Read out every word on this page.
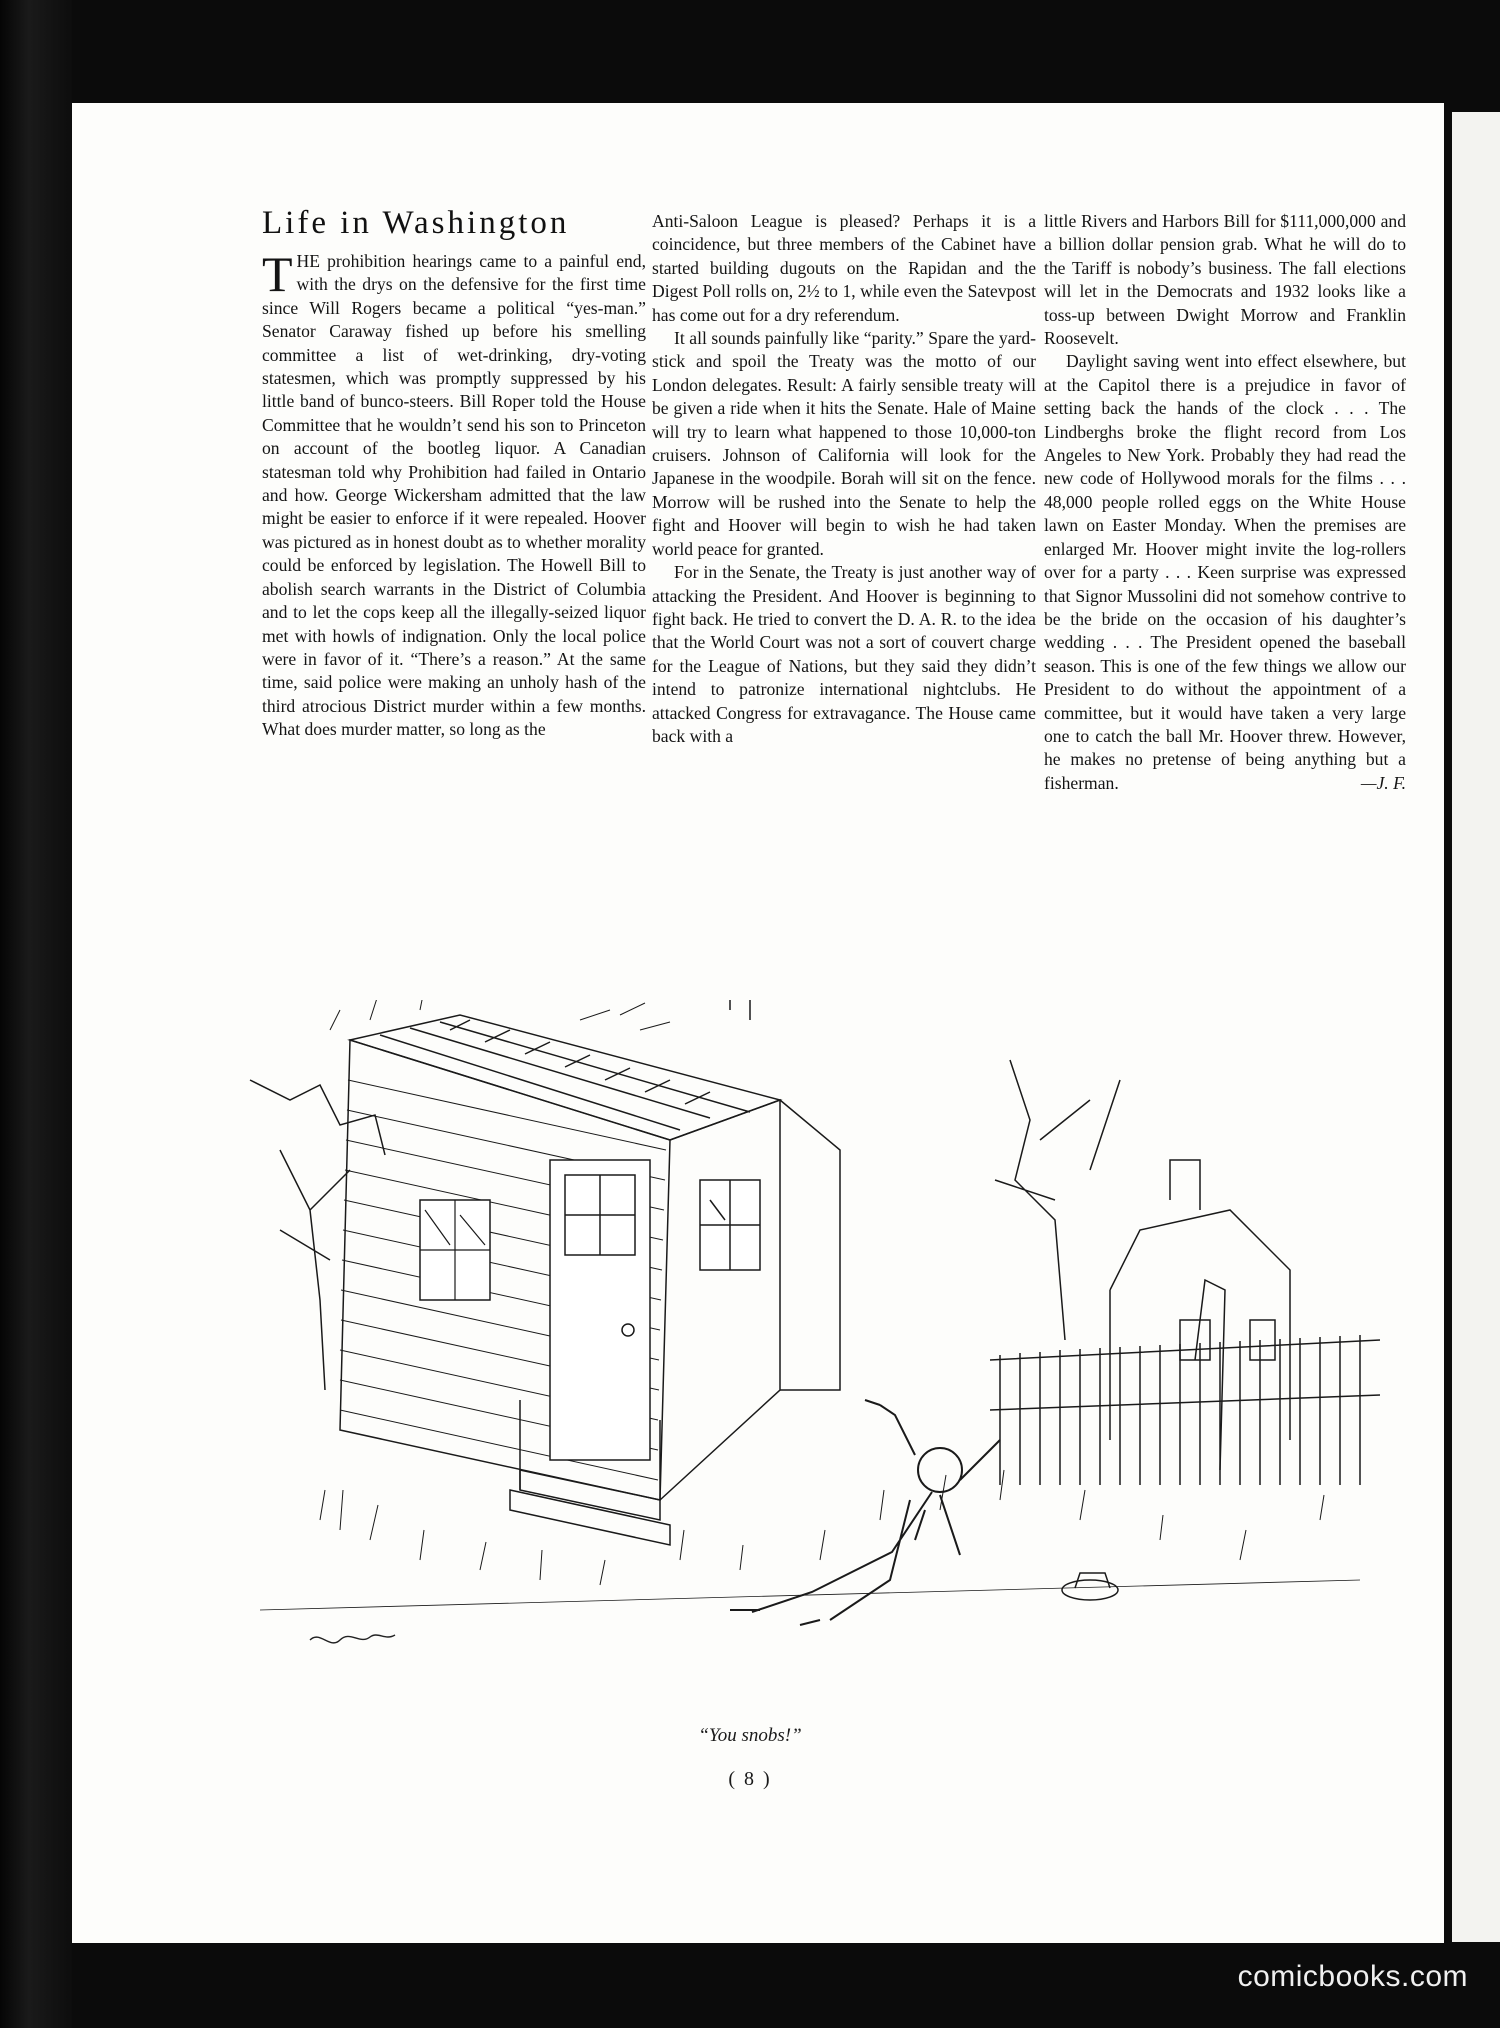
Life in Washington

THE prohibition hearings came to a painful end, with the drys on the defensive for the first time since Will Rogers became a political “yes-man.” Senator Caraway fished up before his smelling committee a list of wet-drinking, dry-voting statesmen, which was promptly suppressed by his little band of bunco-steers. Bill Roper told the House Committee that he wouldn’t send his son to Princeton on account of the bootleg liquor. A Canadian statesman told why Prohibition had failed in Ontario and how. George Wickersham admitted that the law might be easier to enforce if it were repealed. Hoover was pictured as in honest doubt as to whether morality could be enforced by legislation. The Howell Bill to abolish search warrants in the District of Columbia and to let the cops keep all the illegally-seized liquor met with howls of indignation. Only the local police were in favor of it. “There’s a reason.” At the same time, said police were making an unholy hash of the third atrocious District murder within a few months. What does murder matter, so long as the

Anti-Saloon League is pleased? Perhaps it is a coincidence, but three members of the Cabinet have started building dugouts on the Rapidan and the Digest Poll rolls on, 2½ to 1, while even the Satevpost has come out for a dry referendum.

It all sounds painfully like “parity.” Spare the yard-stick and spoil the Treaty was the motto of our London delegates. Result: A fairly sensible treaty will be given a ride when it hits the Senate. Hale of Maine will try to learn what happened to those 10,000-ton cruisers. Johnson of California will look for the Japanese in the woodpile. Borah will sit on the fence. Morrow will be rushed into the Senate to help the fight and Hoover will begin to wish he had taken world peace for granted.

For in the Senate, the Treaty is just another way of attacking the President. And Hoover is beginning to fight back. He tried to convert the D. A. R. to the idea that the World Court was not a sort of couvert charge for the League of Nations, but they said they didn’t intend to patronize international nightclubs. He attacked Congress for extravagance. The House came back with a

little Rivers and Harbors Bill for $111,000,000 and a billion dollar pension grab. What he will do to the Tariff is nobody’s business. The fall elections will let in the Democrats and 1932 looks like a toss-up between Dwight Morrow and Franklin Roosevelt.

Daylight saving went into effect elsewhere, but at the Capitol there is a prejudice in favor of setting back the hands of the clock . . . The Lindberghs broke the flight record from Los Angeles to New York. Probably they had read the new code of Hollywood morals for the films . . . 48,000 people rolled eggs on the White House lawn on Easter Monday. When the premises are enlarged Mr. Hoover might invite the log-rollers over for a party . . . Keen surprise was expressed that Signor Mussolini did not somehow contrive to be the bride on the occasion of his daughter’s wedding . . . The President opened the baseball season. This is one of the few things we allow our President to do without the appointment of a committee, but it would have taken a very large one to catch the ball Mr. Hoover threw. However, he makes no pretense of being anything but a fisherman.	—J. F.

“You snobs!”
( 8 )
comicbooks.com
